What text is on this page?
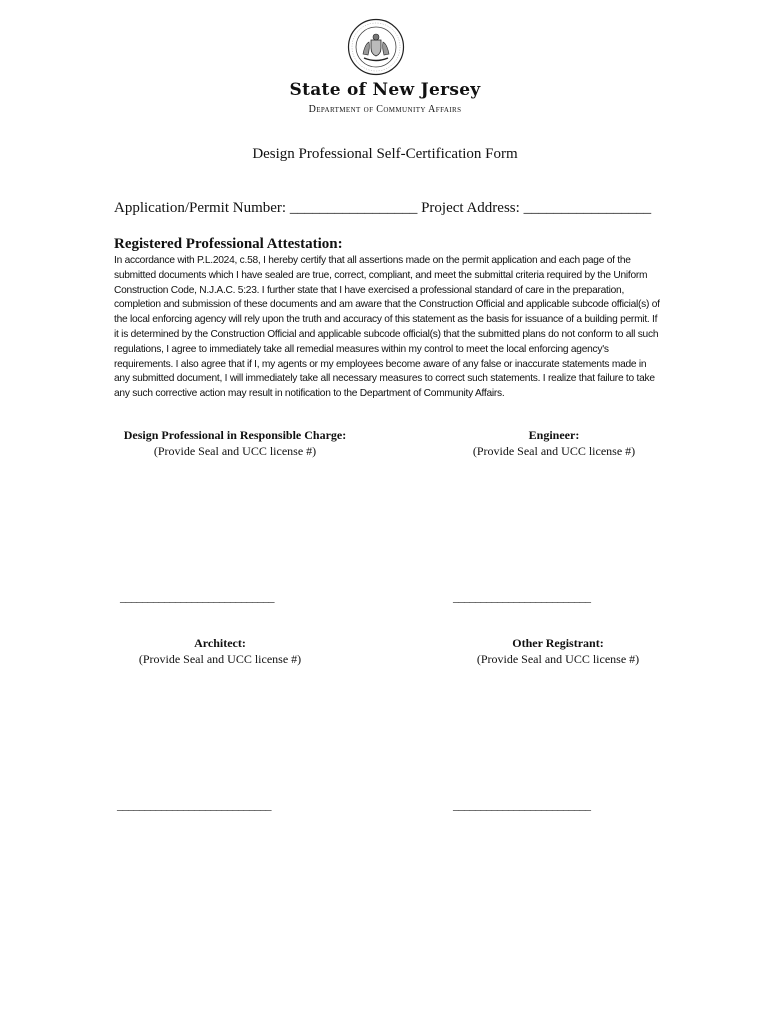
State of New Jersey
Department of Community Affairs
Design Professional Self-Certification Form
Application/Permit Number: _________________ Project Address: _________________
Registered Professional Attestation:
In accordance with P.L.2024, c.58, I hereby certify that all assertions made on the permit application and each page of the submitted documents which I have sealed are true, correct, compliant, and meet the submittal criteria required by the Uniform Construction Code, N.J.A.C. 5:23. I further state that I have exercised a professional standard of care in the preparation, completion and submission of these documents and am aware that the Construction Official and applicable subcode official(s) of the local enforcing agency will rely upon the truth and accuracy of this statement as the basis for issuance of a building permit. If it is determined by the Construction Official and applicable subcode official(s) that the submitted plans do not conform to all such regulations, I agree to immediately take all remedial measures within my control to meet the local enforcing agency's requirements. I also agree that if I, my agents or my employees become aware of any false or inaccurate statements made in any submitted document, I will immediately take all necessary measures to correct such statements. I realize that failure to take any such corrective action may result in notification to the Department of Community Affairs.
Design Professional in Responsible Charge:
(Provide Seal and UCC license #)
Engineer:
(Provide Seal and UCC license #)
____________________________	_________________________
Architect:
(Provide Seal and UCC license #)
Other Registrant:
(Provide Seal and UCC license #)
____________________________	_________________________
